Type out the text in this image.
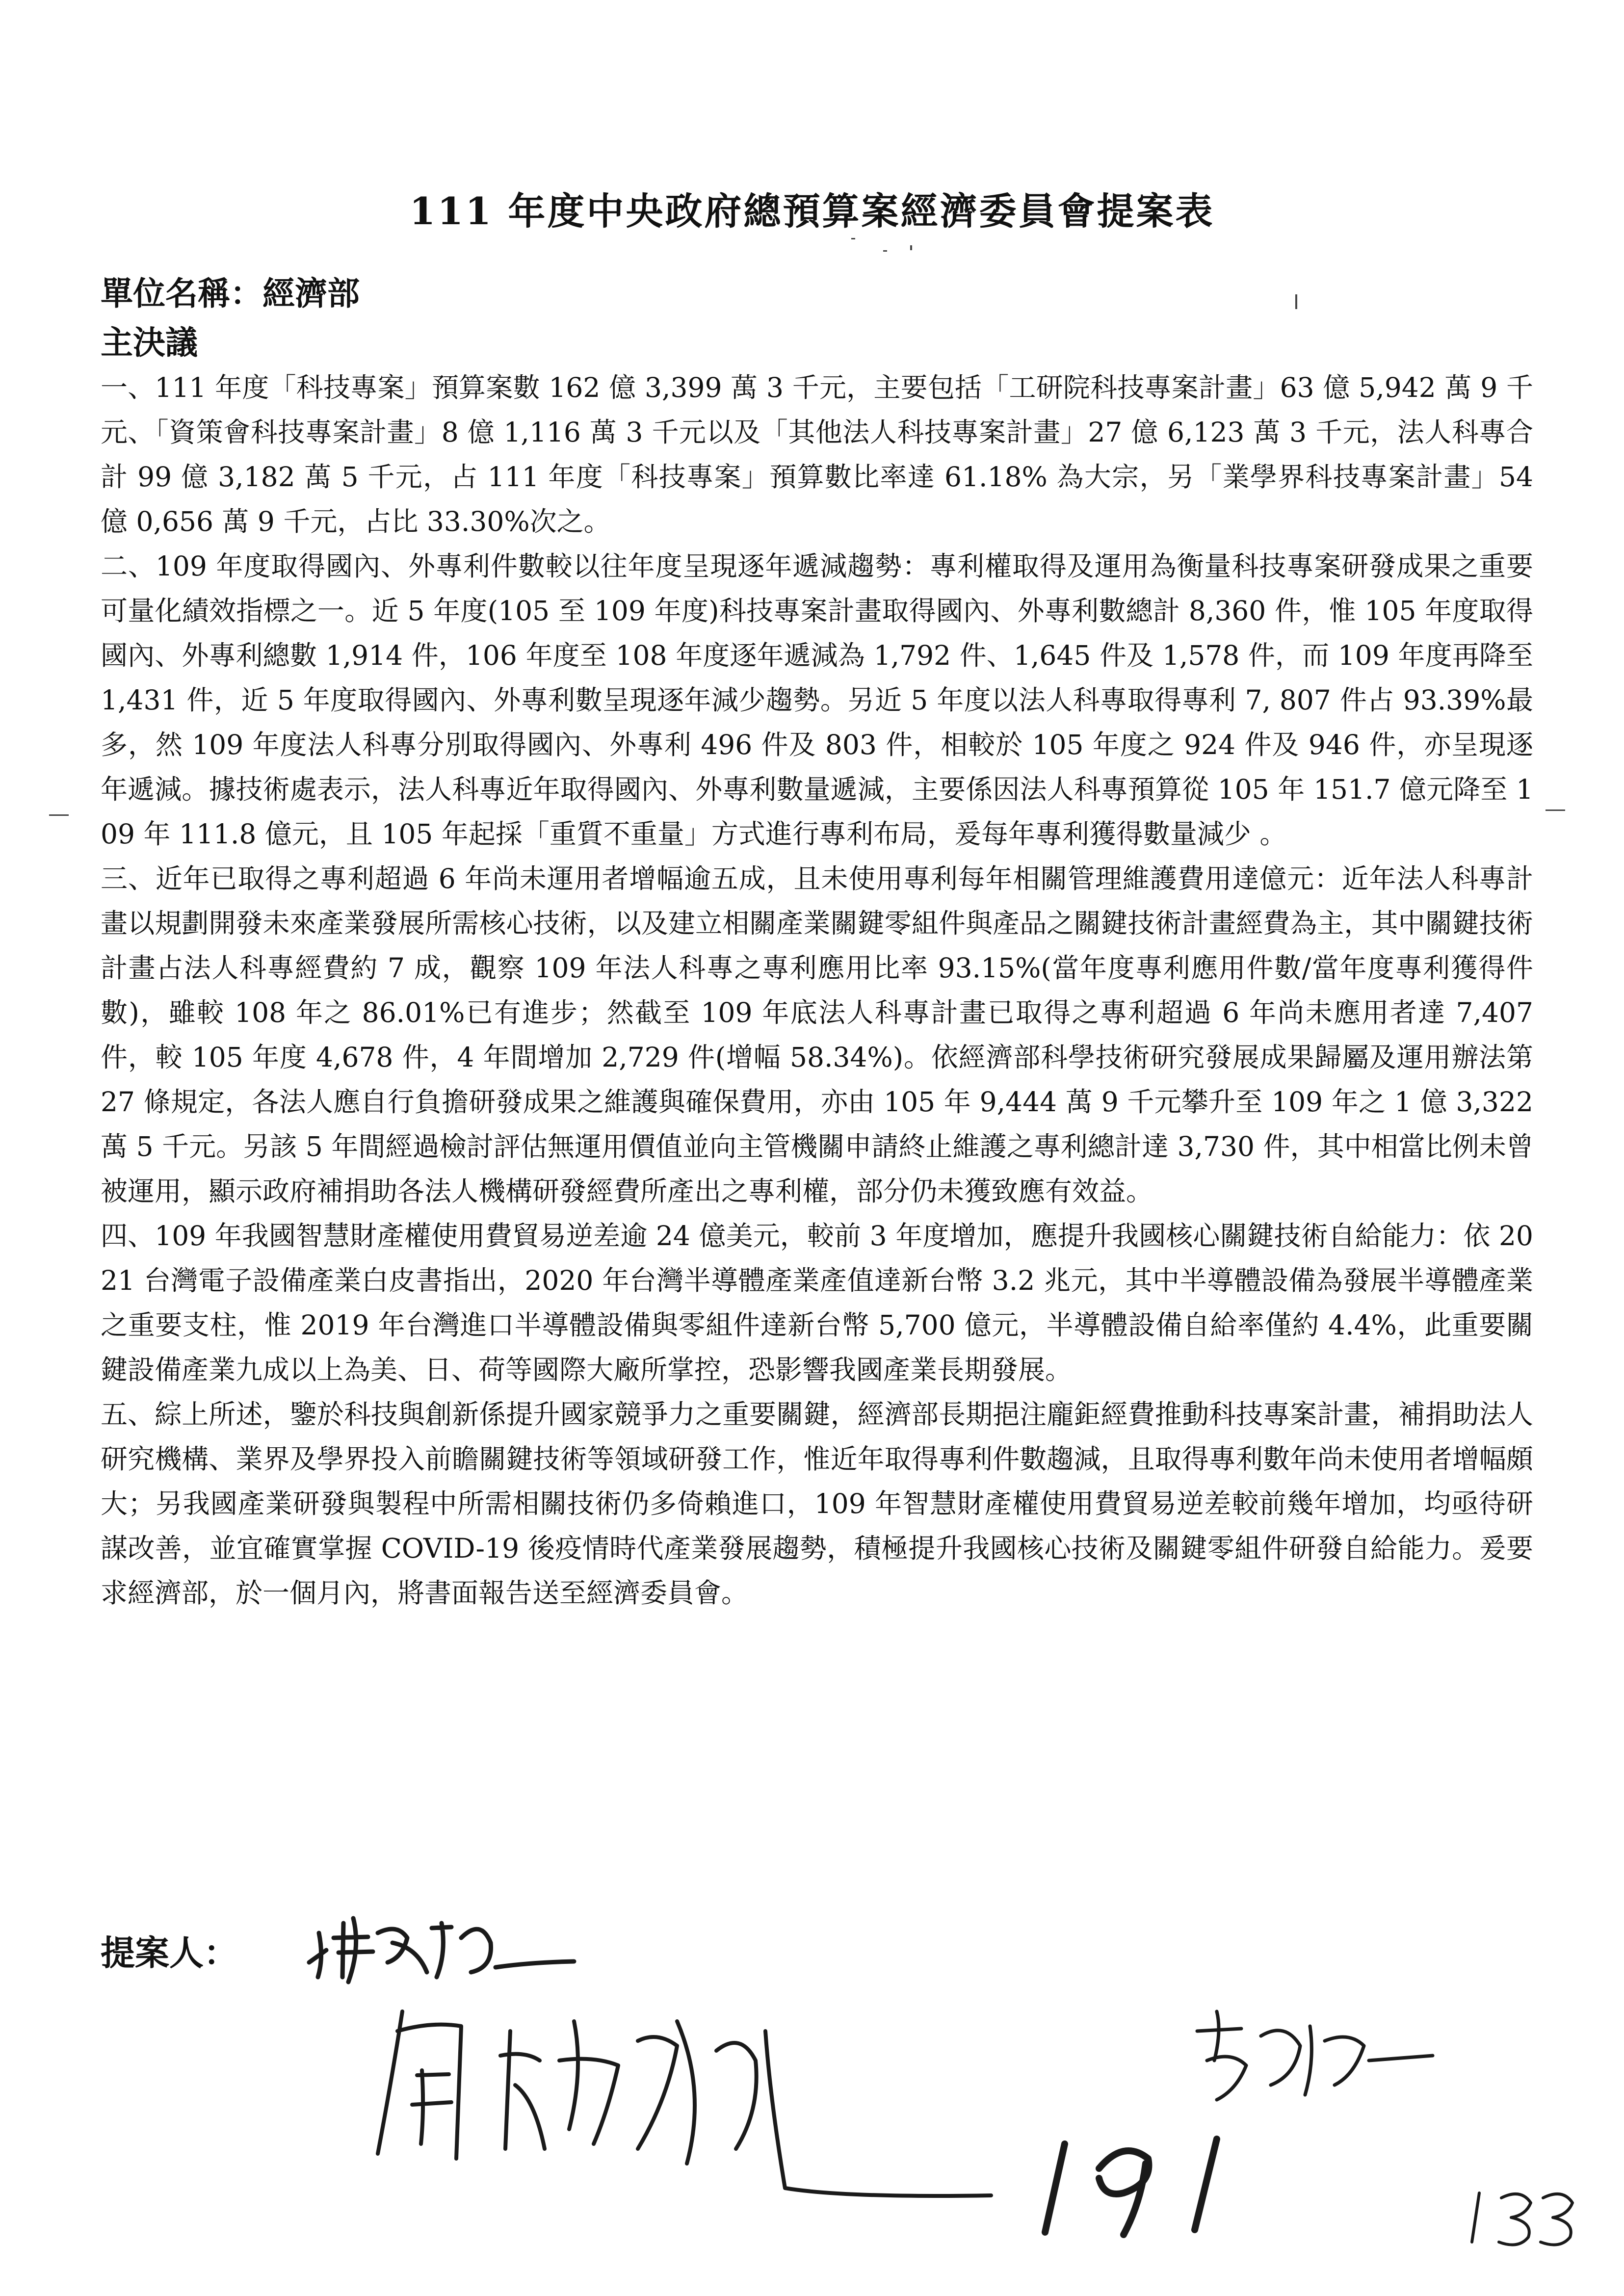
111 年度中央政府總預算案經濟委員會提案表
單位名稱：經濟部
主決議

一、111 年度「科技專案」預算案數 162 億 3,399 萬 3 千元，主要包括「工研院科技專案計畫」63 億 5,942 萬 9 千元、「資策會科技專案計畫」8 億 1,116 萬 3 千元以及「其他法人科技專案計畫」27 億 6,123 萬 3 千元，法人科專合計 99 億 3,182 萬 5 千元，占 111 年度「科技專案」預算數比率達 61.18% 為大宗，另「業學界科技專案計畫」54 億 0,656 萬 9 千元，占比 33.30%次之。

二、109 年度取得國內、外專利件數較以往年度呈現逐年遞減趨勢：專利權取得及運用為衡量科技專案研發成果之重要可量化績效指標之一。近 5 年度(105 至 109 年度)科技專案計畫取得國內、外專利數總計 8,360 件，惟 105 年度取得國內、外專利總數 1,914 件，106 年度至 108 年度逐年遞減為 1,792 件、1,645 件及 1,578 件，而 109 年度再降至 1,431 件，近 5 年度取得國內、外專利數呈現逐年減少趨勢。另近 5 年度以法人科專取得專利 7, 807 件占 93.39%最多，然 109 年度法人科專分別取得國內、外專利 496 件及 803 件，相較於 105 年度之 924 件及 946 件，亦呈現逐年遞減。據技術處表示，法人科專近年取得國內、外專利數量遞減，主要係因法人科專預算從 105 年 151.7 億元降至 109 年 111.8 億元，且 105 年起採「重質不重量」方式進行專利布局，爰每年專利獲得數量減少 。

三、近年已取得之專利超過 6 年尚未運用者增幅逾五成，且未使用專利每年相關管理維護費用達億元：近年法人科專計畫以規劃開發未來產業發展所需核心技術，以及建立相關產業關鍵零組件與產品之關鍵技術計畫經費為主，其中關鍵技術計畫占法人科專經費約 7 成，觀察 109 年法人科專之專利應用比率 93.15%(當年度專利應用件數/當年度專利獲得件數)，雖較 108 年之 86.01%已有進步；然截至 109 年底法人科專計畫已取得之專利超過 6 年尚未應用者達 7,407 件，較 105 年度 4,678 件，4 年間增加 2,729 件(增幅 58.34%)。依經濟部科學技術研究發展成果歸屬及運用辦法第 27 條規定，各法人應自行負擔研發成果之維護與確保費用，亦由 105 年 9,444 萬 9 千元攀升至 109 年之 1 億 3,322 萬 5 千元。另該 5 年間經過檢討評估無運用價值並向主管機關申請終止維護之專利總計達 3,730 件，其中相當比例未曾被運用，顯示政府補捐助各法人機構研發經費所產出之專利權，部分仍未獲致應有效益。

四、109 年我國智慧財產權使用費貿易逆差逾 24 億美元，較前 3 年度增加，應提升我國核心關鍵技術自給能力：依 2021 台灣電子設備產業白皮書指出，2020 年台灣半導體產業產值達新台幣 3.2 兆元，其中半導體設備為發展半導體產業之重要支柱，惟 2019 年台灣進口半導體設備與零組件達新台幣 5,700 億元，半導體設備自給率僅約 4.4%，此重要關鍵設備產業九成以上為美、日、荷等國際大廠所掌控，恐影響我國產業長期發展。

五、綜上所述，鑒於科技與創新係提升國家競爭力之重要關鍵，經濟部長期挹注龐鉅經費推動科技專案計畫，補捐助法人研究機構、業界及學界投入前瞻關鍵技術等領域研發工作，惟近年取得專利件數趨減，且取得專利數年尚未使用者增幅頗大；另我國產業研發與製程中所需相關技術仍多倚賴進口，109 年智慧財產權使用費貿易逆差較前幾年增加，均亟待研謀改善，並宜確實掌握 COVID-19 後疫情時代產業發展趨勢，積極提升我國核心技術及關鍵零組件研發自給能力。爰要求經濟部，於一個月內，將書面報告送至經濟委員會。

提案人：
